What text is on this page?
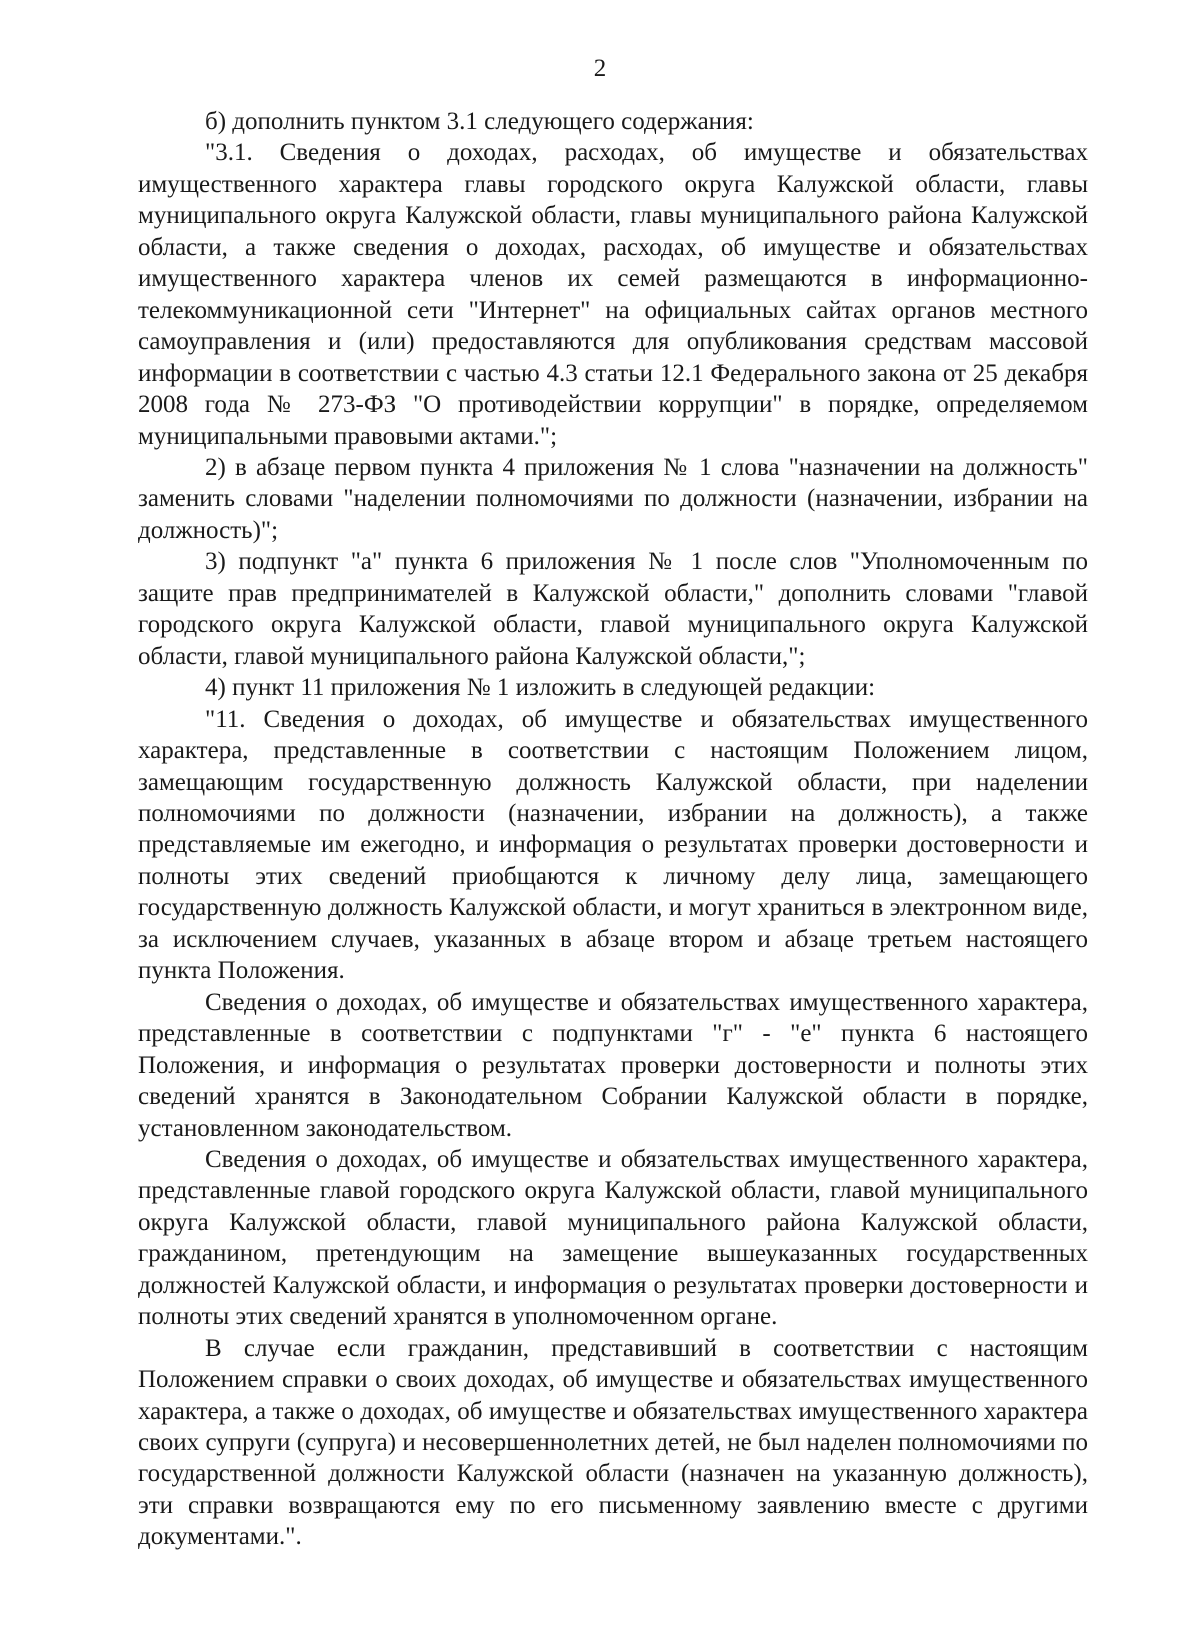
2

б) дополнить пунктом 3.1 следующего содержания:

"3.1. Сведения о доходах, расходах, об имуществе и обязательствах имущественного характера главы городского округа Калужской области, главы муниципального округа Калужской области, главы муниципального района Калужской области, а также сведения о доходах, расходах, об имуществе и обязательствах имущественного характера членов их семей размещаются в информационно-телекоммуникационной сети "Интернет" на официальных сайтах органов местного самоуправления и (или) предоставляются для опубликования средствам массовой информации в соответствии с частью 4.3 статьи 12.1 Федерального закона от 25 декабря 2008 года № 273-ФЗ "О противодействии коррупции" в порядке, определяемом муниципальными правовыми актами.";

2) в абзаце первом пункта 4 приложения № 1 слова "назначении на должность" заменить словами "наделении полномочиями по должности (назначении, избрании на должность)";

3) подпункт "а" пункта 6 приложения № 1 после слов "Уполномоченным по защите прав предпринимателей в Калужской области," дополнить словами "главой городского округа Калужской области, главой муниципального округа Калужской области, главой муниципального района Калужской области,";

4) пункт 11 приложения № 1 изложить в следующей редакции:

"11. Сведения о доходах, об имуществе и обязательствах имущественного характера, представленные в соответствии с настоящим Положением лицом, замещающим государственную должность Калужской области, при наделении полномочиями по должности (назначении, избрании на должность), а также представляемые им ежегодно, и информация о результатах проверки достоверности и полноты этих сведений приобщаются к личному делу лица, замещающего государственную должность Калужской области, и могут храниться в электронном виде, за исключением случаев, указанных в абзаце втором и абзаце третьем настоящего пункта Положения.

Сведения о доходах, об имуществе и обязательствах имущественного характера, представленные в соответствии с подпунктами "г" - "е" пункта 6 настоящего Положения, и информация о результатах проверки достоверности и полноты этих сведений хранятся в Законодательном Собрании Калужской области в порядке, установленном законодательством.

Сведения о доходах, об имуществе и обязательствах имущественного характера, представленные главой городского округа Калужской области, главой муниципального округа Калужской области, главой муниципального района Калужской области, гражданином, претендующим на замещение вышеуказанных государственных должностей Калужской области, и информация о результатах проверки достоверности и полноты этих сведений хранятся в уполномоченном органе.

В случае если гражданин, представивший в соответствии с настоящим Положением справки о своих доходах, об имуществе и обязательствах имущественного характера, а также о доходах, об имуществе и обязательствах имущественного характера своих супруги (супруга) и несовершеннолетних детей, не был наделен полномочиями по государственной должности Калужской области (назначен на указанную должность), эти справки возвращаются ему по его письменному заявлению вместе с другими документами.".
